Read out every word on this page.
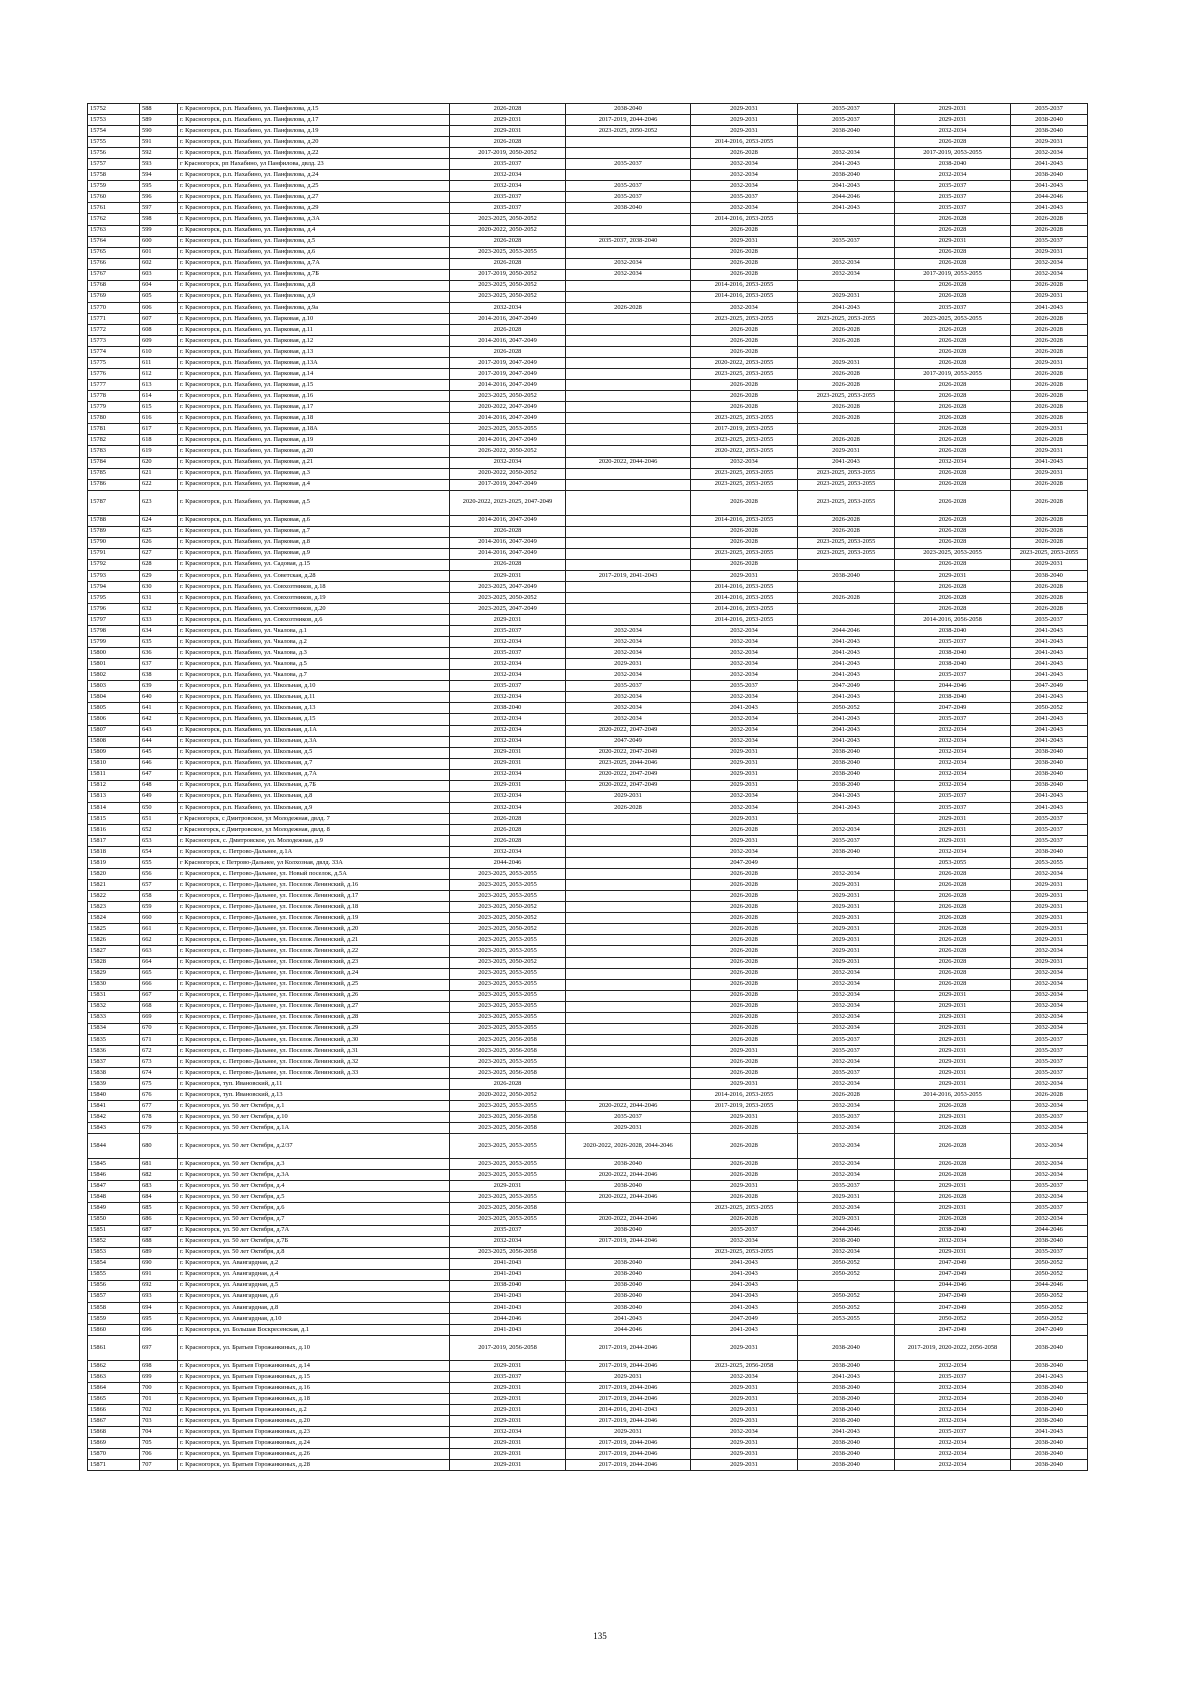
15752	588	г. Красногорск, р.п. Нахабино, ул. Панфилова, д.15	2026-2028	2038-2040	2029-2031	2035-2037	2029-2031	2035-2037
15753	589	г. Красногорск, р.п. Нахабино, ул. Панфилова, д.17	2029-2031	2017-2019, 2044-2046	2029-2031	2035-2037	2029-2031	2038-2040
15754	590	г. Красногорск, р.п. Нахабино, ул. Панфилова, д.19	2029-2031	2023-2025, 2050-2052	2029-2031	2038-2040	2032-2034	2038-2040
15755	591	г. Красногорск, р.п. Нахабино, ул. Панфилова, д.20	2026-2028		2014-2016, 2053-2055		2026-2028	2029-2031
15756	592	г. Красногорск, р.п. Нахабино, ул. Панфилова, д.22	2017-2019, 2050-2052		2026-2028	2032-2034	2017-2019, 2053-2055	2032-2034
15757	593	г Красногорск, рп Нахабино, ул Панфилова, двлд. 23	2035-2037	2035-2037	2032-2034	2041-2043	2038-2040	2041-2043
15758	594	г. Красногорск, р.п. Нахабино, ул. Панфилова, д.24	2032-2034		2032-2034	2038-2040	2032-2034	2038-2040
15759	595	г. Красногорск, р.п. Нахабино, ул. Панфилова, д.25	2032-2034	2035-2037	2032-2034	2041-2043	2035-2037	2041-2043
15760	596	г. Красногорск, р.п. Нахабино, ул. Панфилова, д.27	2035-2037	2035-2037	2035-2037	2044-2046	2035-2037	2044-2046
15761	597	г. Красногорск, р.п. Нахабино, ул. Панфилова, д.29	2035-2037	2038-2040	2032-2034	2041-2043	2035-2037	2041-2043
15762	598	г. Красногорск, р.п. Нахабино, ул. Панфилова, д.3А	2023-2025, 2050-2052		2014-2016, 2053-2055		2026-2028	2026-2028
15763	599	г. Красногорск, р.п. Нахабино, ул. Панфилова, д.4	2020-2022, 2050-2052		2026-2028		2026-2028	2026-2028
15764	600	г. Красногорск, р.п. Нахабино, ул. Панфилова, д.5	2026-2028	2035-2037, 2038-2040	2029-2031	2035-2037	2029-2031	2035-2037
15765	601	г. Красногорск, р.п. Нахабино, ул. Панфилова, д.6	2023-2025, 2053-2055		2026-2028		2026-2028	2029-2031
15766	602	г. Красногорск, р.п. Нахабино, ул. Панфилова, д.7А	2026-2028	2032-2034	2026-2028	2032-2034	2026-2028	2032-2034
15767	603	г. Красногорск, р.п. Нахабино, ул. Панфилова, д.7Б	2017-2019, 2050-2052	2032-2034	2026-2028	2032-2034	2017-2019, 2053-2055	2032-2034
15768	604	г. Красногорск, р.п. Нахабино, ул. Панфилова, д.8	2023-2025, 2050-2052		2014-2016, 2053-2055		2026-2028	2026-2028
15769	605	г. Красногорск, р.п. Нахабино, ул. Панфилова, д.9	2023-2025, 2050-2052		2014-2016, 2053-2055	2029-2031	2026-2028	2029-2031
15770	606	г. Красногорск, р.п. Нахабино, ул. Панфилова, д.9а	2032-2034	2026-2028	2032-2034	2041-2043	2035-2037	2041-2043
15771	607	г. Красногорск, р.п. Нахабино, ул. Парковая, д.10	2014-2016, 2047-2049		2023-2025, 2053-2055	2023-2025, 2053-2055	2023-2025, 2053-2055	2026-2028
15772	608	г. Красногорск, р.п. Нахабино, ул. Парковая, д.11	2026-2028		2026-2028	2026-2028	2026-2028	2026-2028
15773	609	г. Красногорск, р.п. Нахабино, ул. Парковая, д.12	2014-2016, 2047-2049		2026-2028	2026-2028	2026-2028	2026-2028
15774	610	г. Красногорск, р.п. Нахабино, ул. Парковая, д.13	2026-2028		2026-2028		2026-2028	2026-2028
15775	611	г. Красногорск, р.п. Нахабино, ул. Парковая, д.13А	2017-2019, 2047-2049		2020-2022, 2053-2055	2029-2031	2026-2028	2029-2031
15776	612	г. Красногорск, р.п. Нахабино, ул. Парковая, д.14	2017-2019, 2047-2049		2023-2025, 2053-2055	2026-2028	2017-2019, 2053-2055	2026-2028
15777	613	г. Красногорск, р.п. Нахабино, ул. Парковая, д.15	2014-2016, 2047-2049		2026-2028	2026-2028	2026-2028	2026-2028
15778	614	г. Красногорск, р.п. Нахабино, ул. Парковая, д.16	2023-2025, 2050-2052		2026-2028	2023-2025, 2053-2055	2026-2028	2026-2028
15779	615	г. Красногорск, р.п. Нахабино, ул. Парковая, д.17	2020-2022, 2047-2049		2026-2028	2026-2028	2026-2028	2026-2028
15780	616	г. Красногорск, р.п. Нахабино, ул. Парковая, д.18	2014-2016, 2047-2049		2023-2025, 2053-2055	2026-2028	2026-2028	2026-2028
15781	617	г. Красногорск, р.п. Нахабино, ул. Парковая, д.18А	2023-2025, 2053-2055		2017-2019, 2053-2055		2026-2028	2029-2031
15782	618	г. Красногорск, р.п. Нахабино, ул. Парковая, д.19	2014-2016, 2047-2049		2023-2025, 2053-2055	2026-2028	2026-2028	2026-2028
15783	619	г. Красногорск, р.п. Нахабино, ул. Парковая, д.20	2026-2022, 2050-2052		2020-2022, 2053-2055	2029-2031	2026-2028	2029-2031
15784	620	г. Красногорск, р.п. Нахабино, ул. Парковая, д.21	2032-2034	2020-2022, 2044-2046	2032-2034	2041-2043	2032-2034	2041-2043
15785	621	г. Красногорск, р.п. Нахабино, ул. Парковая, д.3	2020-2022, 2050-2052		2023-2025, 2053-2055	2023-2025, 2053-2055	2026-2028	2029-2031
15786	622	г. Красногорск, р.п. Нахабино, ул. Парковая, д.4	2017-2019, 2047-2049		2023-2025, 2053-2055	2023-2025, 2053-2055	2026-2028	2026-2028
15787	623	г. Красногорск, р.п. Нахабино, ул. Парковая, д.5	2020-2022, 2023-2025, 2047-2049		2026-2028	2023-2025, 2053-2055	2026-2028	2026-2028
15788	624	г. Красногорск, р.п. Нахабино, ул. Парковая, д.6	2014-2016, 2047-2049		2014-2016, 2053-2055	2026-2028	2026-2028	2026-2028
15789	625	г. Красногорск, р.п. Нахабино, ул. Парковая, д.7	2026-2028		2026-2028	2026-2028	2026-2028	2026-2028
15790	626	г. Красногорск, р.п. Нахабино, ул. Парковая, д.8	2014-2016, 2047-2049		2026-2028	2023-2025, 2053-2055	2026-2028	2026-2028
15791	627	г. Красногорск, р.п. Нахабино, ул. Парковая, д.9	2014-2016, 2047-2049		2023-2025, 2053-2055	2023-2025, 2053-2055	2023-2025, 2053-2055	2023-2025, 2053-2055
15792	628	г. Красногорск, р.п. Нахабино, ул. Садовая, д.15	2026-2028		2026-2028		2026-2028	2029-2031
15793	629	г. Красногорск, р.п. Нахабино, ул. Советская, д.28	2029-2031	2017-2019, 2041-2043	2029-2031	2038-2040	2029-2031	2038-2040
15794	630	г. Красногорск, р.п. Нахабино, ул. Совхозтников, д.18	2023-2025, 2047-2049		2014-2016, 2053-2055		2026-2028	2026-2028
15795	631	г. Красногорск, р.п. Нахабино, ул. Совхозтников, д.19	2023-2025, 2050-2052		2014-2016, 2053-2055	2026-2028	2026-2028	2026-2028
15796	632	г. Красногорск, р.п. Нахабино, ул. Совхозтников, д.20	2023-2025, 2047-2049		2014-2016, 2053-2055		2026-2028	2026-2028
15797	633	г. Красногорск, р.п. Нахабино, ул. Совхозтников, д.6	2029-2031		2014-2016, 2053-2055		2014-2016, 2056-2058	2035-2037
15798	634	г. Красногорск, р.п. Нахабино, ул. Чкалова, д.1	2035-2037	2032-2034	2032-2034	2044-2046	2038-2040	2041-2043
15799	635	г. Красногорск, р.п. Нахабино, ул. Чкалова, д.2	2032-2034	2032-2034	2032-2034	2041-2043	2035-2037	2041-2043
15800	636	г. Красногорск, р.п. Нахабино, ул. Чкалова, д.3	2035-2037	2032-2034	2032-2034	2041-2043	2038-2040	2041-2043
15801	637	г. Красногорск, р.п. Нахабино, ул. Чкалова, д.5	2032-2034	2029-2031	2032-2034	2041-2043	2038-2040	2041-2043
15802	638	г. Красногорск, р.п. Нахабино, ул. Чкалова, д.7	2032-2034	2032-2034	2032-2034	2041-2043	2035-2037	2041-2043
15803	639	г. Красногорск, р.п. Нахабино, ул. Школьная, д.10	2035-2037	2035-2037	2035-2037	2047-2049	2044-2046	2047-2049
15804	640	г. Красногорск, р.п. Нахабино, ул. Школьная, д.11	2032-2034	2032-2034	2032-2034	2041-2043	2038-2040	2041-2043
15805	641	г. Красногорск, р.п. Нахабино, ул. Школьная, д.13	2038-2040	2032-2034	2041-2043	2050-2052	2047-2049	2050-2052
15806	642	г. Красногорск, р.п. Нахабино, ул. Школьная, д.15	2032-2034	2032-2034	2032-2034	2041-2043	2035-2037	2041-2043
15807	643	г. Красногорск, р.п. Нахабино, ул. Школьная, д.1А	2032-2034	2020-2022, 2047-2049	2032-2034	2041-2043	2032-2034	2041-2043
15808	644	г. Красногорск, р.п. Нахабино, ул. Школьная, д.3А	2032-2034	2047-2049	2032-2034	2041-2043	2032-2034	2041-2043
15809	645	г. Красногорск, р.п. Нахабино, ул. Школьная, д.5	2029-2031	2020-2022, 2047-2049	2029-2031	2038-2040	2032-2034	2038-2040
15810	646	г. Красногорск, р.п. Нахабино, ул. Школьная, д.7	2029-2031	2023-2025, 2044-2046	2029-2031	2038-2040	2032-2034	2038-2040
15811	647	г. Красногорск, р.п. Нахабино, ул. Школьная, д.7А	2032-2034	2020-2022, 2047-2049	2029-2031	2038-2040	2032-2034	2038-2040
15812	648	г. Красногорск, р.п. Нахабино, ул. Школьная, д.7Б	2029-2031	2020-2022, 2047-2049	2029-2031	2038-2040	2032-2034	2038-2040
15813	649	г. Красногорск, р.п. Нахабино, ул. Школьная, д.8	2032-2034	2029-2031	2032-2034	2041-2043	2035-2037	2041-2043
15814	650	г. Красногорск, р.п. Нахабино, ул. Школьная, д.9	2032-2034	2026-2028	2032-2034	2041-2043	2035-2037	2041-2043
15815	651	г Красногорск, с Дмитровское, ул Молодежная, двлд. 7	2026-2028		2029-2031		2029-2031	2035-2037
15816	652	г Красногорск, с Дмитровское, ул Молодежная, двлд. 8	2026-2028		2026-2028	2032-2034	2029-2031	2035-2037
15817	653	г. Красногорск, с. Дмитровское, ул. Молодежная, д.9	2026-2028		2029-2031	2035-2037	2029-2031	2035-2037
15818	654	г. Красногорск, с. Петрово-Дальнее, д.1А	2032-2034		2032-2034	2038-2040	2032-2034	2038-2040
15819	655	г Красногорск, с Петрово-Дальнее, ул Колхозная, двлд. 33А	2044-2046		2047-2049		2053-2055	2053-2055
15820	656	г. Красногорск, с. Петрово-Дальнее, ул. Новый поселок, д.5А	2023-2025, 2053-2055		2026-2028	2032-2034	2026-2028	2032-2034
15821	657	г. Красногорск, с. Петрово-Дальнее, ул. Поселок Ленинский, д.16	2023-2025, 2053-2055		2026-2028	2029-2031	2026-2028	2029-2031
15822	658	г. Красногорск, с. Петрово-Дальнее, ул. Поселок Ленинский, д.17	2023-2025, 2053-2055		2026-2028	2029-2031	2026-2028	2029-2031
15823	659	г. Красногорск, с. Петрово-Дальнее, ул. Поселок Ленинский, д.18	2023-2025, 2050-2052		2026-2028	2029-2031	2026-2028	2029-2031
15824	660	г. Красногорск, с. Петрово-Дальнее, ул. Поселок Ленинский, д.19	2023-2025, 2050-2052		2026-2028	2029-2031	2026-2028	2029-2031
15825	661	г. Красногорск, с. Петрово-Дальнее, ул. Поселок Ленинский, д.20	2023-2025, 2050-2052		2026-2028	2029-2031	2026-2028	2029-2031
15826	662	г. Красногорск, с. Петрово-Дальнее, ул. Поселок Ленинский, д.21	2023-2025, 2053-2055		2026-2028	2029-2031	2026-2028	2029-2031
15827	663	г. Красногорск, с. Петрово-Дальнее, ул. Поселок Ленинский, д.22	2023-2025, 2053-2055		2026-2028	2029-2031	2026-2028	2032-2034
15828	664	г. Красногорск, с. Петрово-Дальнее, ул. Поселок Ленинский, д.23	2023-2025, 2050-2052		2026-2028	2029-2031	2026-2028	2029-2031
15829	665	г. Красногорск, с. Петрово-Дальнее, ул. Поселок Ленинский, д.24	2023-2025, 2053-2055		2026-2028	2032-2034	2026-2028	2032-2034
15830	666	г. Красногорск, с. Петрово-Дальнее, ул. Поселок Ленинский, д.25	2023-2025, 2053-2055		2026-2028	2032-2034	2026-2028	2032-2034
15831	667	г. Красногорск, с. Петрово-Дальнее, ул. Поселок Ленинский, д.26	2023-2025, 2053-2055		2026-2028	2032-2034	2029-2031	2032-2034
15832	668	г. Красногорск, с. Петрово-Дальнее, ул. Поселок Ленинский, д.27	2023-2025, 2053-2055		2026-2028	2032-2034	2029-2031	2032-2034
15833	669	г. Красногорск, с. Петрово-Дальнее, ул. Поселок Ленинский, д.28	2023-2025, 2053-2055		2026-2028	2032-2034	2029-2031	2032-2034
15834	670	г. Красногорск, с. Петрово-Дальнее, ул. Поселок Ленинский, д.29	2023-2025, 2053-2055		2026-2028	2032-2034	2029-2031	2032-2034
15835	671	г. Красногорск, с. Петрово-Дальнее, ул. Поселок Ленинский, д.30	2023-2025, 2056-2058		2026-2028	2035-2037	2029-2031	2035-2037
15836	672	г. Красногорск, с. Петрово-Дальнее, ул. Поселок Ленинский, д.31	2023-2025, 2056-2058		2029-2031	2035-2037	2029-2031	2035-2037
15837	673	г. Красногорск, с. Петрово-Дальнее, ул. Поселок Ленинский, д.32	2023-2025, 2053-2055		2026-2028	2032-2034	2029-2031	2035-2037
15838	674	г. Красногорск, с. Петрово-Дальнее, ул. Поселок Ленинский, д.33	2023-2025, 2056-2058		2026-2028	2035-2037	2029-2031	2035-2037
15839	675	г. Красногорск, туп. Ивановский, д.11	2026-2028		2029-2031	2032-2034	2029-2031	2032-2034
15840	676	г. Красногорск, туп. Ивановский, д.13	2020-2022, 2050-2052		2014-2016, 2053-2055	2026-2028	2014-2016, 2053-2055	2026-2028
15841	677	г. Красногорск, ул. 50 лет Октября, д.1	2023-2025, 2053-2055	2020-2022, 2044-2046	2017-2019, 2053-2055	2032-2034	2026-2028	2032-2034
15842	678	г. Красногорск, ул. 50 лет Октября, д.10	2023-2025, 2056-2058	2035-2037	2029-2031	2035-2037	2029-2031	2035-2037
15843	679	г. Красногорск, ул. 50 лет Октября, д.1А	2023-2025, 2056-2058	2029-2031	2026-2028	2032-2034	2026-2028	2032-2034
15844	680	г. Красногорск, ул. 50 лет Октября, д.2/37	2023-2025, 2053-2055	2020-2022, 2026-2028, 2044-2046	2026-2028	2032-2034	2026-2028	2032-2034
15845	681	г. Красногорск, ул. 50 лет Октября, д.3	2023-2025, 2053-2055	2038-2040	2026-2028	2032-2034	2026-2028	2032-2034
15846	682	г. Красногорск, ул. 50 лет Октября, д.3А	2023-2025, 2053-2055	2020-2022, 2044-2046	2026-2028	2032-2034	2026-2028	2032-2034
15847	683	г. Красногорск, ул. 50 лет Октября, д.4	2029-2031	2038-2040	2029-2031	2035-2037	2029-2031	2035-2037
15848	684	г. Красногорск, ул. 50 лет Октября, д.5	2023-2025, 2053-2055	2020-2022, 2044-2046	2026-2028	2029-2031	2026-2028	2032-2034
15849	685	г. Красногорск, ул. 50 лет Октября, д.6	2023-2025, 2056-2058		2023-2025, 2053-2055	2032-2034	2029-2031	2035-2037
15850	686	г. Красногорск, ул. 50 лет Октября, д.7	2023-2025, 2053-2055	2020-2022, 2044-2046	2026-2028	2029-2031	2026-2028	2032-2034
15851	687	г. Красногорск, ул. 50 лет Октября, д.7А	2035-2037	2038-2040	2035-2037	2044-2046	2038-2040	2044-2046
15852	688	г. Красногорск, ул. 50 лет Октября, д.7Б	2032-2034	2017-2019, 2044-2046	2032-2034	2038-2040	2032-2034	2038-2040
15853	689	г. Красногорск, ул. 50 лет Октября, д.8	2023-2025, 2056-2058		2023-2025, 2053-2055	2032-2034	2029-2031	2035-2037
15854	690	г. Красногорск, ул. Авангардная, д.2	2041-2043	2038-2040	2041-2043	2050-2052	2047-2049	2050-2052
15855	691	г. Красногорск, ул. Авангардная, д.4	2041-2043	2038-2040	2041-2043	2050-2052	2047-2049	2050-2052
15856	692	г. Красногорск, ул. Авангардная, д.5	2038-2040	2038-2040	2041-2043		2044-2046	2044-2046
15857	693	г. Красногорск, ул. Авангардная, д.6	2041-2043	2038-2040	2041-2043	2050-2052	2047-2049	2050-2052
15858	694	г. Красногорск, ул. Авангардная, д.8	2041-2043	2038-2040	2041-2043	2050-2052	2047-2049	2050-2052
15859	695	г. Красногорск, ул. Авангардная, д.10	2044-2046	2041-2043	2047-2049	2053-2055	2050-2052	2050-2052
15860	696	г. Красногорск, ул. Большая Воскресенская, д.1	2041-2043	2044-2046	2041-2043		2047-2049	2047-2049
15861	697	г. Красногорск, ул. Братьев Горожанкиных, д.10	2017-2019, 2056-2058	2017-2019, 2044-2046	2029-2031	2038-2040	2017-2019, 2020-2022, 2056-2058	2038-2040
15862	698	г. Красногорск, ул. Братьев Горожанкиных, д.14	2029-2031	2017-2019, 2044-2046	2023-2025, 2056-2058	2038-2040	2032-2034	2038-2040
15863	699	г. Красногорск, ул. Братьев Горожанкиных, д.15	2035-2037	2029-2031	2032-2034	2041-2043	2035-2037	2041-2043
15864	700	г. Красногорск, ул. Братьев Горожанкиных, д.16	2029-2031	2017-2019, 2044-2046	2029-2031	2038-2040	2032-2034	2038-2040
15865	701	г. Красногорск, ул. Братьев Горожанкиных, д.18	2029-2031	2017-2019, 2044-2046	2029-2031	2038-2040	2032-2034	2038-2040
15866	702	г. Красногорск, ул. Братьев Горожанкиных, д.2	2029-2031	2014-2016, 2041-2043	2029-2031	2038-2040	2032-2034	2038-2040
15867	703	г. Красногорск, ул. Братьев Горожанкиных, д.20	2029-2031	2017-2019, 2044-2046	2029-2031	2038-2040	2032-2034	2038-2040
15868	704	г. Красногорск, ул. Братьев Горожанкиных, д.23	2032-2034	2029-2031	2032-2034	2041-2043	2035-2037	2041-2043
15869	705	г. Красногорск, ул. Братьев Горожанкиных, д.24	2029-2031	2017-2019, 2044-2046	2029-2031	2038-2040	2032-2034	2038-2040
15870	706	г. Красногорск, ул. Братьев Горожанкиных, д.26	2029-2031	2017-2019, 2044-2046	2029-2031	2038-2040	2032-2034	2038-2040
15871	707	г. Красногорск, ул. Братьев Горожанкиных, д.28	2029-2031	2017-2019, 2044-2046	2029-2031	2038-2040	2032-2034	2038-2040
135
